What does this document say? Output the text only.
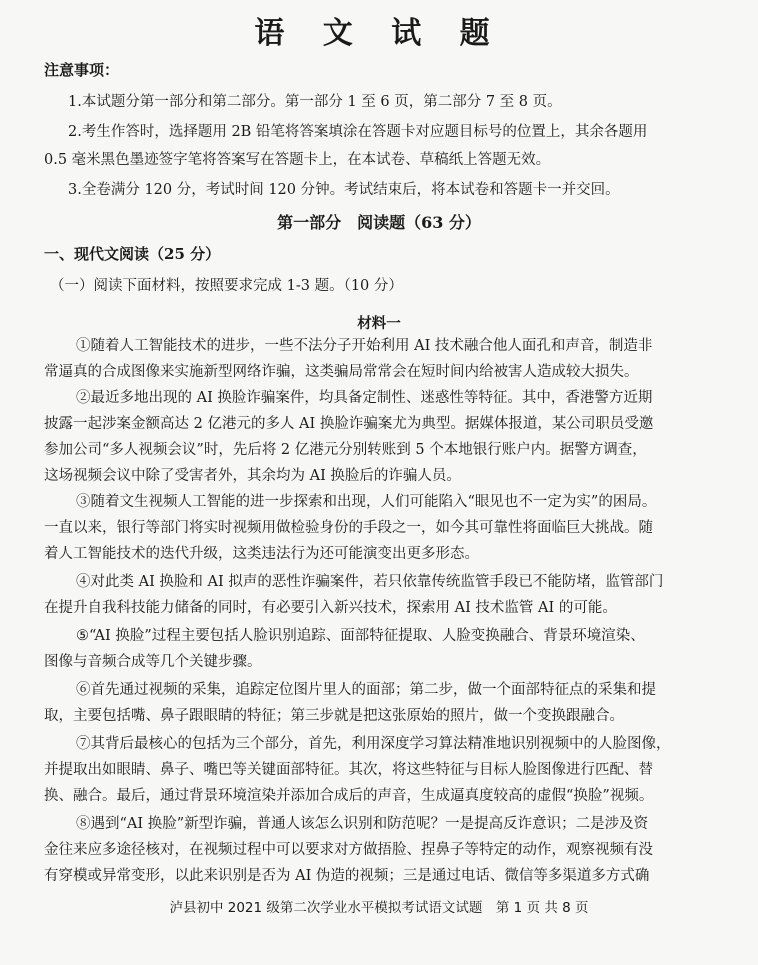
语 文 试 题

注意事项：

1.本试题分第一部分和第二部分。第一部分 1 至 6 页，第二部分 7 至 8 页。

2.考生作答时，选择题用 2B 铅笔将答案填涂在答题卡对应题目标号的位置上，其余各题用

0.5 毫米黑色墨迹签字笔将答案写在答题卡上，在本试卷、草稿纸上答题无效。

3.全卷满分 120 分，考试时间 120 分钟。考试结束后，将本试卷和答题卡一并交回。

第一部分　阅读题（63 分）

一、现代文阅读（25 分）

（一）阅读下面材料，按照要求完成 1-3 题。（10 分）

材料一

①随着人工智能技术的进步，一些不法分子开始利用 AI 技术融合他人面孔和声音，制造非

常逼真的合成图像来实施新型网络诈骗，这类骗局常常会在短时间内给被害人造成较大损失。

②最近多地出现的 AI 换脸诈骗案件，均具备定制性、迷惑性等特征。其中，香港警方近期

披露一起涉案金额高达 2 亿港元的多人 AI 换脸诈骗案尤为典型。据媒体报道，某公司职员受邀

参加公司“多人视频会议”时，先后将 2 亿港元分别转账到 5 个本地银行账户内。据警方调查，

这场视频会议中除了受害者外，其余均为 AI 换脸后的诈骗人员。

③随着文生视频人工智能的进一步探索和出现，人们可能陷入“眼见也不一定为实”的困局。

一直以来，银行等部门将实时视频用做检验身份的手段之一，如今其可靠性将面临巨大挑战。随

着人工智能技术的迭代升级，这类违法行为还可能演变出更多形态。

④对此类 AI 换脸和 AI 拟声的恶性诈骗案件，若只依靠传统监管手段已不能防堵，监管部门

在提升自我科技能力储备的同时，有必要引入新兴技术，探索用 AI 技术监管 AI 的可能。

⑤“AI 换脸”过程主要包括人脸识别追踪、面部特征提取、人脸变换融合、背景环境渲染、

图像与音频合成等几个关键步骤。

⑥首先通过视频的采集，追踪定位图片里人的面部；第二步，做一个面部特征点的采集和提

取，主要包括嘴、鼻子跟眼睛的特征；第三步就是把这张原始的照片，做一个变换跟融合。

⑦其背后最核心的包括为三个部分，首先，利用深度学习算法精准地识别视频中的人脸图像，

并提取出如眼睛、鼻子、嘴巴等关键面部特征。其次，将这些特征与目标人脸图像进行匹配、替

换、融合。最后，通过背景环境渲染并添加合成后的声音，生成逼真度较高的虚假“换脸”视频。

⑧遇到“AI 换脸”新型诈骗，普通人该怎么识别和防范呢？一是提高反诈意识；二是涉及资

金往来应多途径核对，在视频过程中可以要求对方做捂脸、捏鼻子等特定的动作，观察视频有没

有穿模或异常变形，以此来识别是否为 AI 伪造的视频；三是通过电话、微信等多渠道多方式确

泸县初中 2021 级第二次学业水平模拟考试语文试题　第 1 页 共 8 页
